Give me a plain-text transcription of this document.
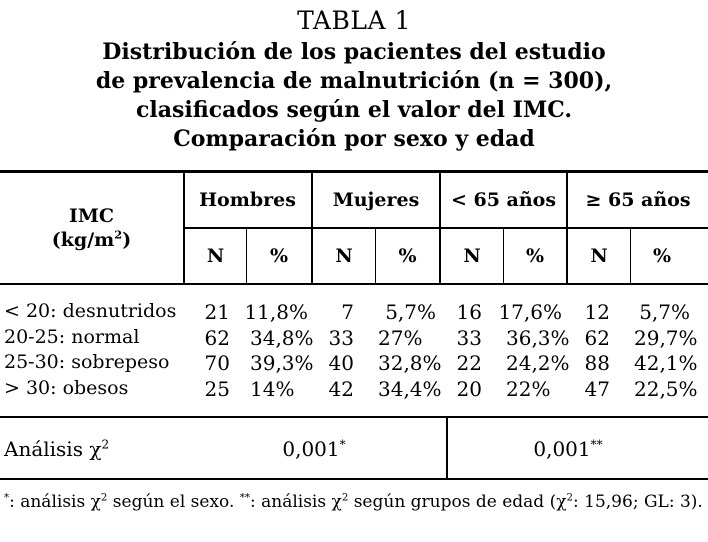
TABLA 1
Distribución de los pacientes del estudio
de prevalencia de malnutrición (n = 300),
clasificados según el valor del IMC.
Comparación por sexo y edad
IMC
$(kg/m^2)$
Hombres	Mujeres	< 65 años	≥ 65 años
N	%	N	%	N	%	N	%
< 20: desnutridos	21 11,8%	7	5,7%	16 17,6%	12	5,7%
20-25: normal	62 34,8% 33 27%	33 36,3% 62 29,7%
25-30: sobrepeso	70 39,3% 40 32,8% 22 24,2% 88 42,1%
> 30: obesos	25 14%	42 34,4% 20 22%	47 22,5%
Análisis $\chi^2$	0,001*	0,001**
*: análisis $\chi^2$ según el sexo. **: análisis $\chi^2$ según grupos de edad ($\chi^2$: 15,96; GL: 3).
